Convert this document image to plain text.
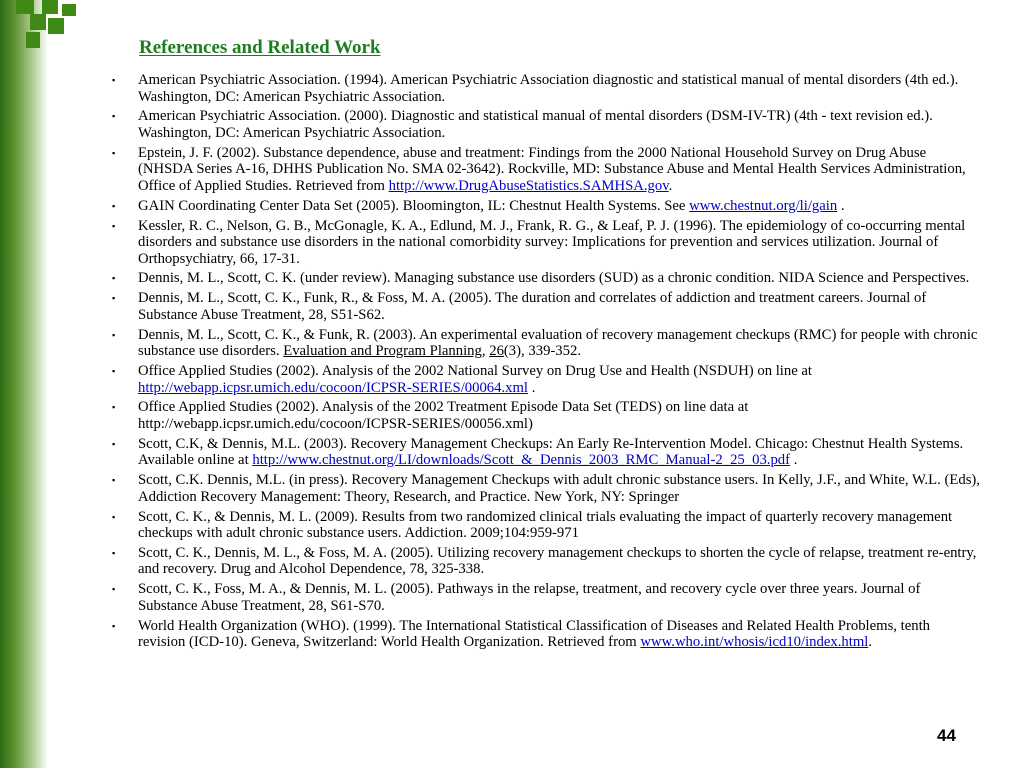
References and Related Work
▪ American Psychiatric Association. (1994). American Psychiatric Association diagnostic and statistical manual of mental disorders (4th ed.). Washington, DC: American Psychiatric Association.
▪ American Psychiatric Association. (2000). Diagnostic and statistical manual of mental disorders (DSM-IV-TR) (4th - text revision ed.). Washington, DC: American Psychiatric Association.
▪ Epstein, J. F. (2002). Substance dependence, abuse and treatment: Findings from the 2000 National Household Survey on Drug Abuse (NHSDA Series A-16, DHHS Publication No. SMA 02-3642). Rockville, MD: Substance Abuse and Mental Health Services Administration, Office of Applied Studies. Retrieved from http://www.DrugAbuseStatistics.SAMHSA.gov.
▪ GAIN Coordinating Center Data Set (2005). Bloomington, IL: Chestnut Health Systems. See www.chestnut.org/li/gain .
▪ Kessler, R. C., Nelson, G. B., McGonagle, K. A., Edlund, M. J., Frank, R. G., & Leaf, P. J. (1996). The epidemiology of co-occurring mental disorders and substance use disorders in the national comorbidity survey: Implications for prevention and services utilization. Journal of Orthopsychiatry, 66, 17-31.
▪ Dennis, M. L., Scott, C. K. (under review). Managing substance use disorders (SUD) as a chronic condition. NIDA Science and Perspectives.
▪ Dennis, M. L., Scott, C. K., Funk, R., & Foss, M. A. (2005). The duration and correlates of addiction and treatment careers. Journal of Substance Abuse Treatment, 28, S51-S62.
▪ Dennis, M. L., Scott, C. K., & Funk, R. (2003). An experimental evaluation of recovery management checkups (RMC) for people with chronic substance use disorders. Evaluation and Program Planning, 26(3), 339-352.
▪ Office Applied Studies (2002). Analysis of the 2002 National Survey on Drug Use and Health (NSDUH) on line at http://webapp.icpsr.umich.edu/cocoon/ICPSR-SERIES/00064.xml .
▪ Office Applied Studies (2002). Analysis of the 2002 Treatment Episode Data Set (TEDS) on line data at http://webapp.icpsr.umich.edu/cocoon/ICPSR-SERIES/00056.xml)
▪ Scott, C.K, & Dennis, M.L. (2003). Recovery Management Checkups: An Early Re-Intervention Model. Chicago: Chestnut Health Systems. Available online at http://www.chestnut.org/LI/downloads/Scott_&_Dennis_2003_RMC_Manual-2_25_03.pdf .
▪ Scott, C.K. Dennis, M.L. (in press). Recovery Management Checkups with adult chronic substance users. In Kelly, J.F., and White, W.L. (Eds), Addiction Recovery Management: Theory, Research, and Practice. New York, NY: Springer
▪ Scott, C. K., & Dennis, M. L. (2009). Results from two randomized clinical trials evaluating the impact of quarterly recovery management checkups with adult chronic substance users. Addiction. 2009;104:959-971
▪ Scott, C. K., Dennis, M. L., & Foss, M. A. (2005). Utilizing recovery management checkups to shorten the cycle of relapse, treatment re-entry, and recovery. Drug and Alcohol Dependence, 78, 325-338.
▪ Scott, C. K., Foss, M. A., & Dennis, M. L. (2005). Pathways in the relapse, treatment, and recovery cycle over three years. Journal of Substance Abuse Treatment, 28, S61-S70.
▪ World Health Organization (WHO). (1999). The International Statistical Classification of Diseases and Related Health Problems, tenth revision (ICD-10). Geneva, Switzerland: World Health Organization. Retrieved from www.who.int/whosis/icd10/index.html.
44
